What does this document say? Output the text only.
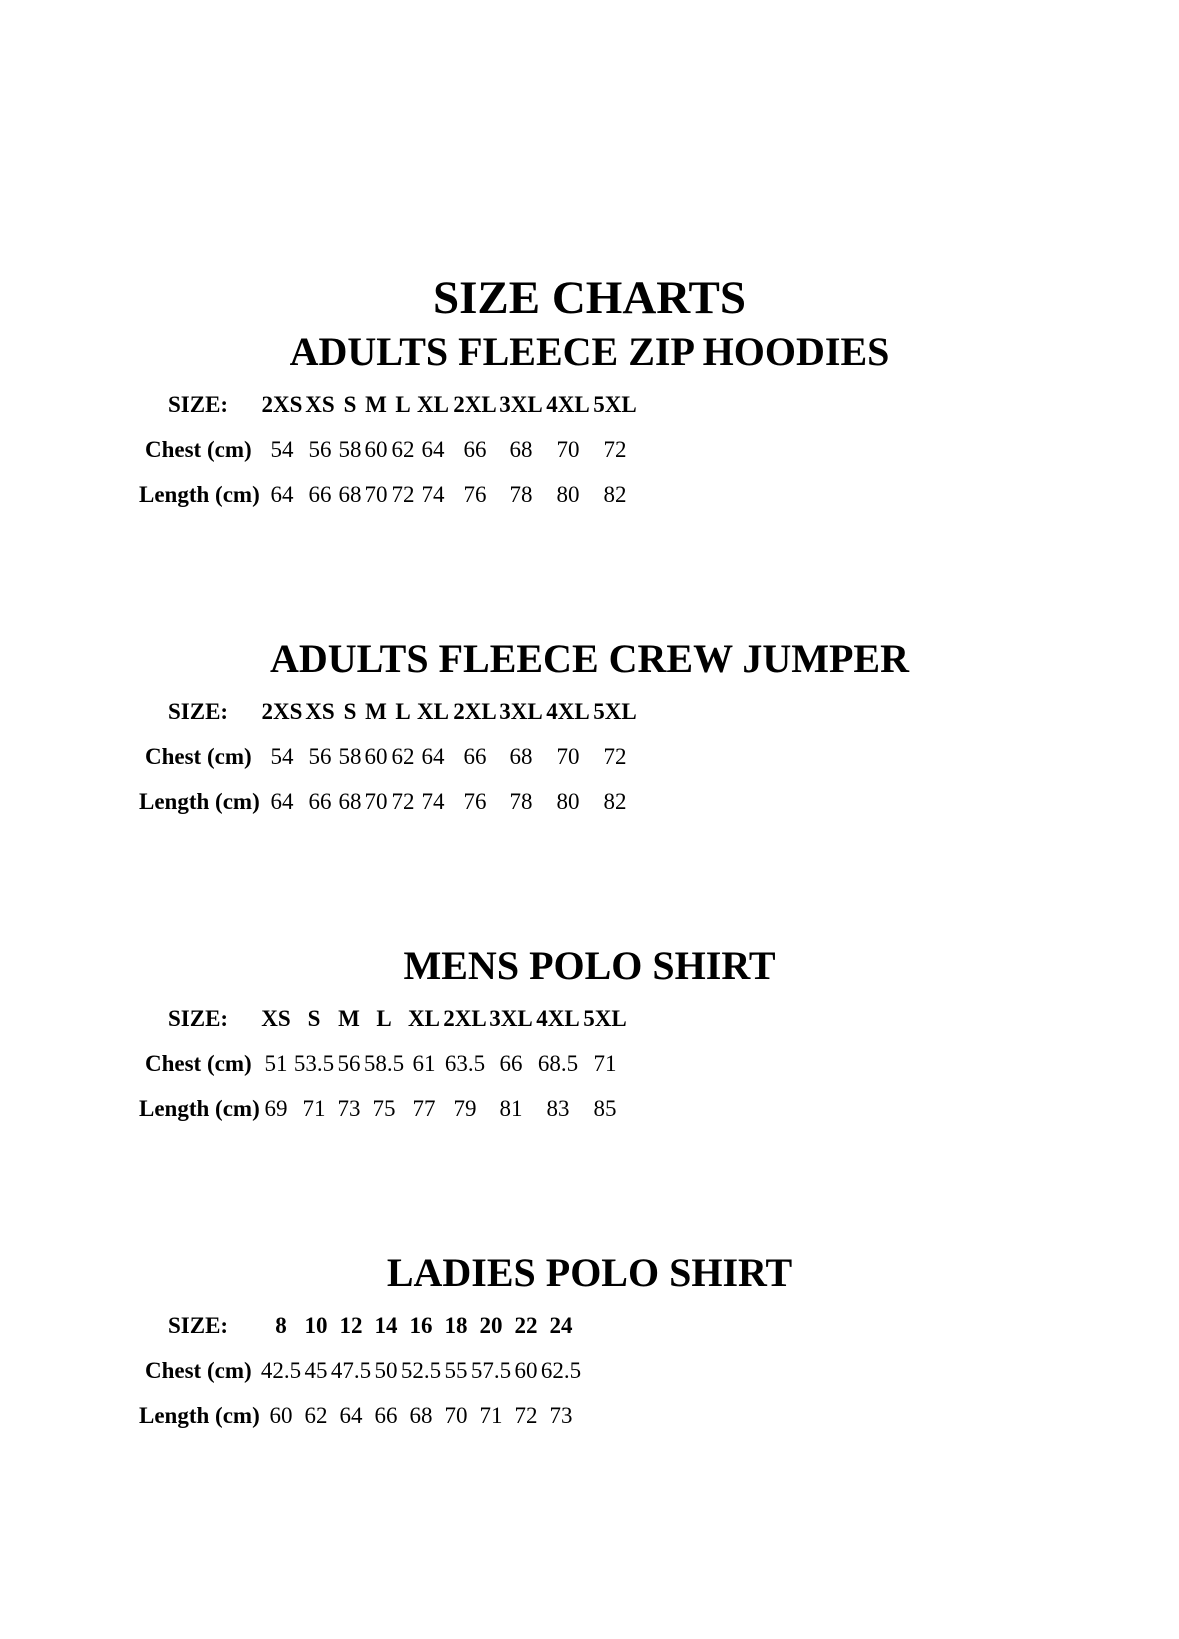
SIZE CHARTS
ADULTS FLEECE ZIP HOODIES
SIZE: 2XS XS S M L XL 2XL 3XL 4XL 5XL
Chest (cm) 54 56 58 60 62 64 66 68 70 72
Length (cm) 64 66 68 70 72 74 76 78 80 82
ADULTS FLEECE CREW JUMPER
SIZE: 2XS XS S M L XL 2XL 3XL 4XL 5XL
Chest (cm) 54 56 58 60 62 64 66 68 70 72
Length (cm) 64 66 68 70 72 74 76 78 80 82
MENS POLO SHIRT
SIZE: XS S M L XL 2XL 3XL 4XL 5XL
Chest (cm) 51 53.5 56 58.5 61 63.5 66 68.5 71
Length (cm) 69 71 73 75 77 79 81 83 85
LADIES POLO SHIRT
SIZE: 8 10 12 14 16 18 20 22 24
Chest (cm) 42.5 45 47.5 50 52.5 55 57.5 60 62.5
Length (cm) 60 62 64 66 68 70 71 72 73
